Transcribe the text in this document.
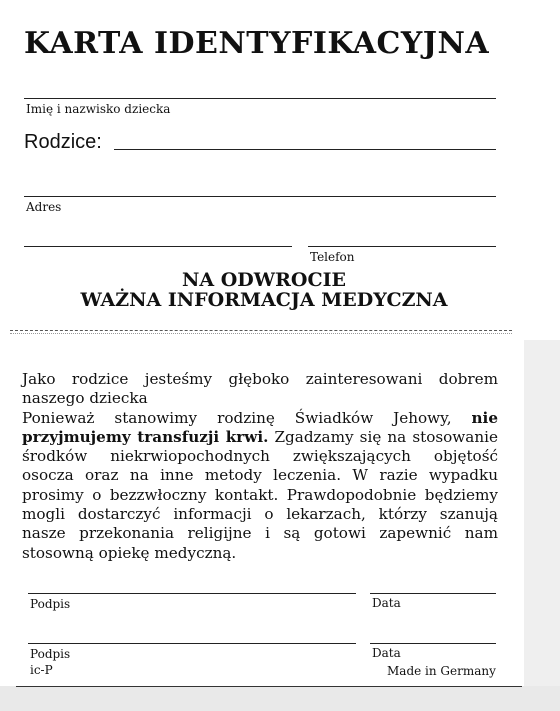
KARTA IDENTYFIKACYJNA
Imię i nazwisko dziecka
Rodzice:
Adres
Telefon
NA ODWROCIE
WAŻNA INFORMACJA MEDYCZNA

Jako rodzice jesteśmy głęboko zainteresowani dobrem naszego dziecka

Ponieważ stanowimy rodzinę Świadków Jehowy, nie przyjmujemy transfuzji krwi. Zgadzamy się na stosowanie środków niekrwiopochodnych zwiększających objętość osocza oraz na inne metody leczenia. W razie wypadku prosimy o bezzwłoczny kontakt. Prawdopodobnie będziemy mogli dostarczyć informacji o lekarzach, którzy szanują nasze przekonania religijne i są gotowi zapewnić nam stosowną opiekę medyczną.

Podpis	Data
Podpis	Data
ic-P	Made in Germany
